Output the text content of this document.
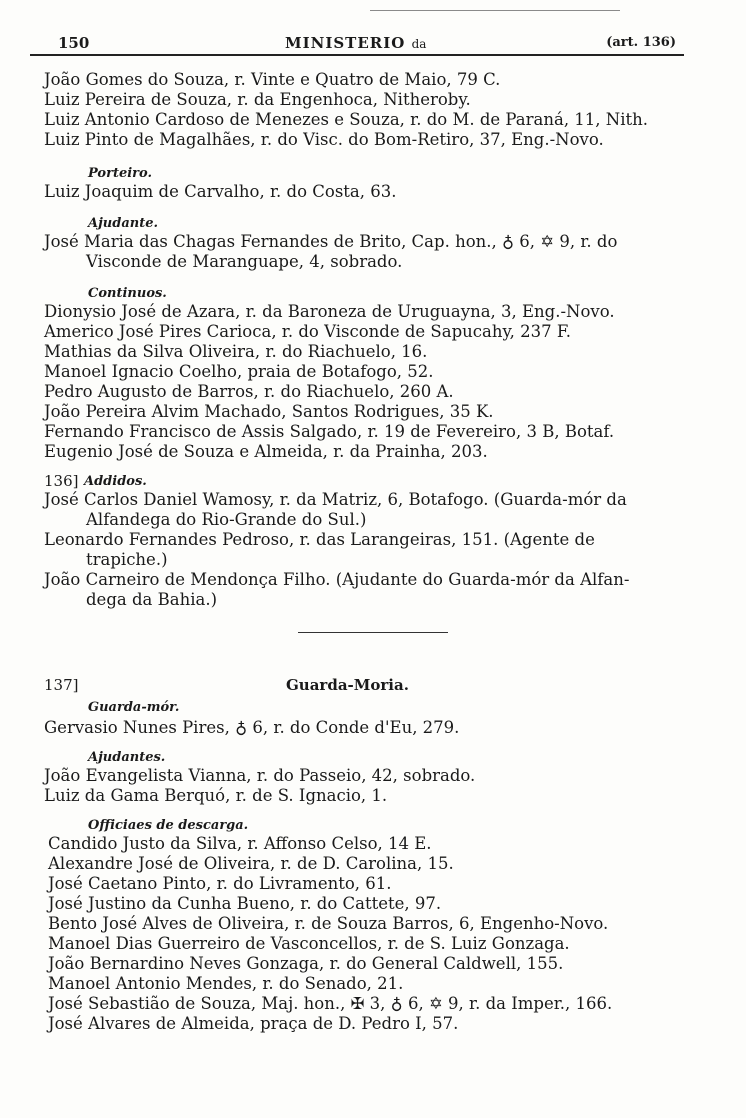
150	MINISTERIO da	(art. 136)
João Gomes do Souza, r. Vinte e Quatro de Maio, 79 C.
Luiz Pereira de Souza, r. da Engenhoca, Nitheroby.
Luiz Antonio Cardoso de Menezes e Souza, r. do M. de Paraná, 11, Nith.
Luiz Pinto de Magalhães, r. do Visc. do Bom-Retiro, 37, Eng.-Novo.
Porteiro.
Luiz Joaquim de Carvalho, r. do Costa, 63.
Ajudante.
José Maria das Chagas Fernandes de Brito, Cap. hon., ♁ 6, ✡ 9, r. do
Visconde de Maranguape, 4, sobrado.
Continuos.
Dionysio José de Azara, r. da Baroneza de Uruguayna, 3, Eng.-Novo.
Americo José Pires Carioca, r. do Visconde de Sapucahy, 237 F.
Mathias da Silva Oliveira, r. do Riachuelo, 16.
Manoel Ignacio Coelho, praia de Botafogo, 52.
Pedro Augusto de Barros, r. do Riachuelo, 260 A.
João Pereira Alvim Machado, Santos Rodrigues, 35 K.
Fernando Francisco de Assis Salgado, r. 19 de Fevereiro, 3 B, Botaf.
Eugenio José de Souza e Almeida, r. da Prainha, 203.
136] Addidos.
José Carlos Daniel Wamosy, r. da Matriz, 6, Botafogo. (Guarda-mór da
Alfandega do Rio-Grande do Sul.)
Leonardo Fernandes Pedroso, r. das Larangeiras, 151. (Agente de
trapiche.)
João Carneiro de Mendonça Filho. (Ajudante do Guarda-mór da Alfan-
dega da Bahia.)
137]	Guarda-Moria.
Guarda-mór.
Gervasio Nunes Pires, ♁ 6, r. do Conde d'Eu, 279.
Ajudantes.
João Evangelista Vianna, r. do Passeio, 42, sobrado.
Luiz da Gama Berquó, r. de S. Ignacio, 1.
Officiaes de descarga.
Candido Justo da Silva, r. Affonso Celso, 14 E.
Alexandre José de Oliveira, r. de D. Carolina, 15.
José Caetano Pinto, r. do Livramento, 61.
José Justino da Cunha Bueno, r. do Cattete, 97.
Bento José Alves de Oliveira, r. de Souza Barros, 6, Engenho-Novo.
Manoel Dias Guerreiro de Vasconcellos, r. de S. Luiz Gonzaga.
João Bernardino Neves Gonzaga, r. do General Caldwell, 155.
Manoel Antonio Mendes, r. do Senado, 21.
José Sebastião de Souza, Maj. hon., ✠ 3, ♁ 6, ✡ 9, r. da Imper., 166.
José Alvares de Almeida, praça de D. Pedro I, 57.
